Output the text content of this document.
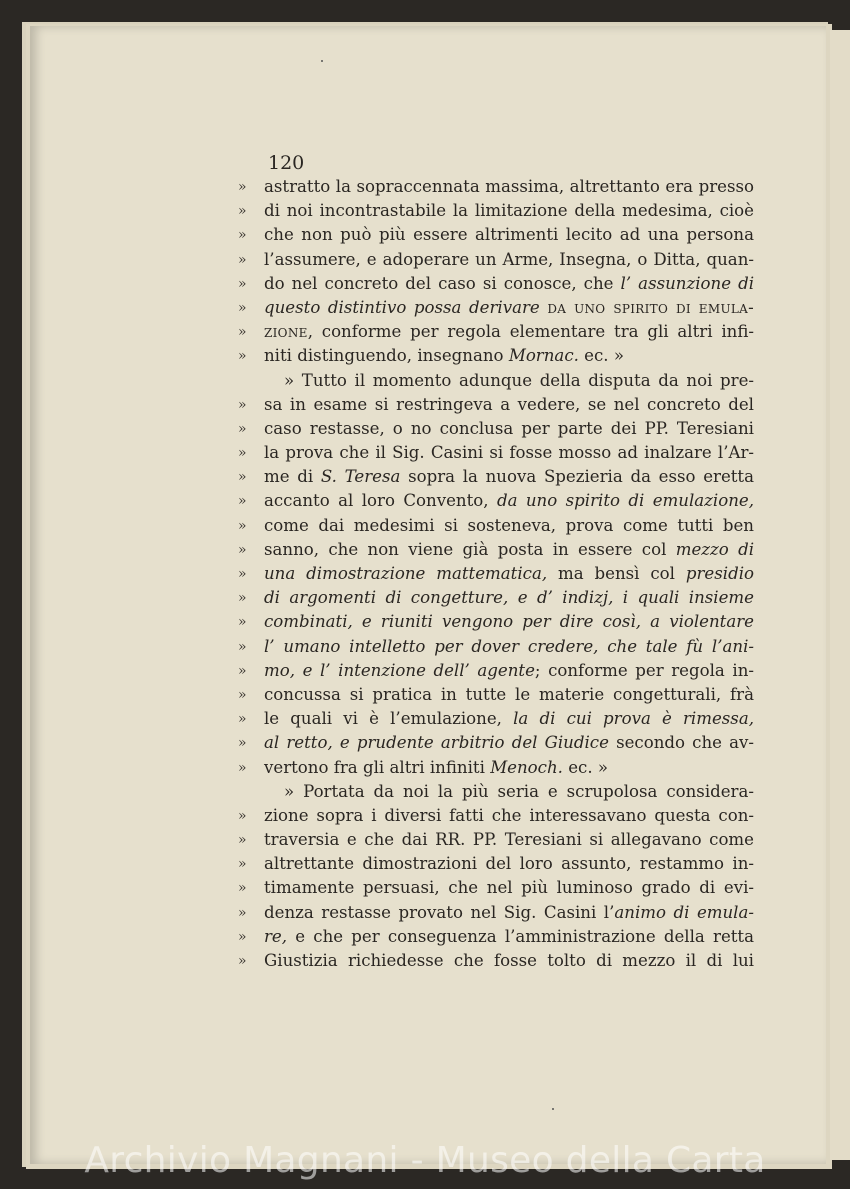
120
»	astratto la sopraccennata massima, altrettanto era presso
»	di noi incontrastabile la limitazione della medesima, cioè
»	che non può più essere altrimenti lecito ad una persona
»	l’assumere, e adoperare un Arme, Insegna, o Ditta, quan-
»	do nel concreto del caso si conosce, che l’ assunzione di
»	questo distintivo possa derivare da uno spirito di emula-
»	zione, conforme per regola elementare tra gli altri infi-
»	niti distinguendo, insegnano Mornac. ec. »
» Tutto il momento adunque della disputa da noi pre-
»	sa in esame si restringeva a vedere, se nel concreto del
»	caso restasse, o no conclusa per parte dei PP. Teresiani
»	la prova che il Sig. Casini si fosse mosso ad inalzare l’Ar-
»	me di S. Teresa sopra la nuova Spezieria da esso eretta
»	accanto al loro Convento, da uno spirito di emulazione,
»	come dai medesimi si sosteneva, prova come tutti ben
»	sanno, che non viene già posta in essere col mezzo di
»	una dimostrazione mattematica, ma bensì col presidio
»	di argomenti di congetture, e d’ indizj, i quali insieme
»	combinati, e riuniti vengono per dire così, a violentare
»	l’ umano intelletto per dover credere, che tale fù l’ani-
»	mo, e l’ intenzione dell’ agente; conforme per regola in-
»	concussa si pratica in tutte le materie congetturali, frà
»	le quali vi è l’emulazione, la di cui prova è rimessa,
»	al retto, e prudente arbitrio del Giudice secondo che av-
»	vertono fra gli altri infiniti Menoch. ec. »
» Portata da noi la più seria e scrupolosa considera-
»	zione sopra i diversi fatti che interessavano questa con-
»	traversia e che dai RR. PP. Teresiani si allegavano come
»	altrettante dimostrazioni del loro assunto, restammo in-
»	timamente persuasi, che nel più luminoso grado di evi-
»	denza restasse provato nel Sig. Casini l’animo di emula-
»	re, e che per conseguenza l’amministrazione della retta
»	Giustizia richiedesse che fosse tolto di mezzo il di lui
Archivio Magnani - Museo della Carta
